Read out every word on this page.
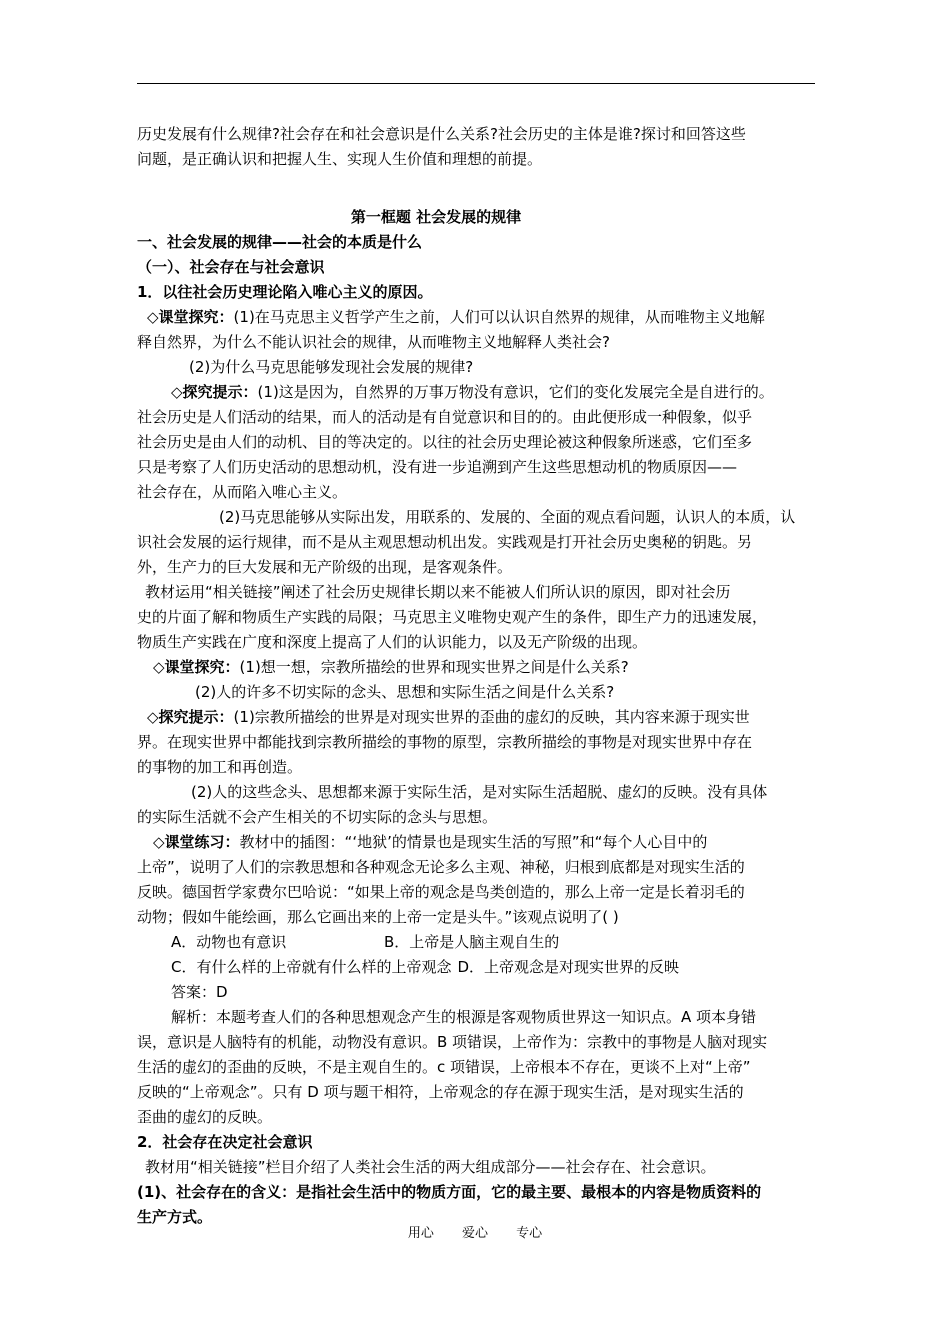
历史发展有什么规律?社会存在和社会意识是什么关系?社会历史的主体是谁?探讨和回答这些
问题，是正确认识和把握人生、实现人生价值和理想的前提。
第一框题 社会发展的规律
一、社会发展的规律——社会的本质是什么
（一）、社会存在与社会意识
1．以往社会历史理论陷入唯心主义的原因。
◇课堂探究：(1)在马克思主义哲学产生之前，人们可以认识自然界的规律，从而唯物主义地解
释自然界，为什么不能认识社会的规律，从而唯物主义地解释人类社会?
(2)为什么马克思能够发现社会发展的规律?
◇探究提示：(1)这是因为，自然界的万事万物没有意识，它们的变化发展完全是自进行的。
社会历史是人们活动的结果，而人的活动是有自觉意识和目的的。由此便形成一种假象，似乎
社会历史是由人们的动机、目的等决定的。以往的社会历史理论被这种假象所迷惑，它们至多
只是考察了人们历史活动的思想动机，没有进一步追溯到产生这些思想动机的物质原因——
社会存在，从而陷入唯心主义。
(2)马克思能够从实际出发，用联系的、发展的、全面的观点看问题，认识人的本质，认
识社会发展的运行规律，而不是从主观思想动机出发。实践观是打开社会历史奥秘的钥匙。另
外，生产力的巨大发展和无产阶级的出现，是客观条件。
教材运用“相关链接”阐述了社会历史规律长期以来不能被人们所认识的原因，即对社会历
史的片面了解和物质生产实践的局限；马克思主义唯物史观产生的条件，即生产力的迅速发展，
物质生产实践在广度和深度上提高了人们的认识能力，以及无产阶级的出现。
◇课堂探究：(1)想一想，宗教所描绘的世界和现实世界之间是什么关系?
(2)人的许多不切实际的念头、思想和实际生活之间是什么关系?
◇探究提示：(1)宗教所描绘的世界是对现实世界的歪曲的虚幻的反映，其内容来源于现实世
界。在现实世界中都能找到宗教所描绘的事物的原型，宗教所描绘的事物是对现实世界中存在
的事物的加工和再创造。
(2)人的这些念头、思想都来源于实际生活，是对实际生活超脱、虚幻的反映。没有具体
的实际生活就不会产生相关的不切实际的念头与思想。
◇课堂练习：教材中的插图：“‘地狱’的情景也是现实生活的写照”和“每个人心目中的
上帝”，说明了人们的宗教思想和各种观念无论多么主观、神秘，归根到底都是对现实生活的
反映。德国哲学家费尔巴哈说：“如果上帝的观念是鸟类创造的，那么上帝一定是长着羽毛的
动物；假如牛能绘画，那么它画出来的上帝一定是头牛。”该观点说明了( )
A．动物也有意识	B．上帝是人脑主观自生的
C．有什么样的上帝就有什么样的上帝观念 D．上帝观念是对现实世界的反映
答案：D
解析：本题考查人们的各种思想观念产生的根源是客观物质世界这一知识点。A 项本身错
误，意识是人脑特有的机能，动物没有意识。B 项错误，上帝作为：宗教中的事物是人脑对现实
生活的虚幻的歪曲的反映，不是主观自生的。c 项错误，上帝根本不存在，更谈不上对“上帝”
反映的“上帝观念”。只有 D 项与题干相符，上帝观念的存在源于现实生活，是对现实生活的
歪曲的虚幻的反映。
2．社会存在决定社会意识
教材用“相关链接”栏目介绍了人类社会生活的两大组成部分——社会存在、社会意识。
(1)、社会存在的含义：是指社会生活中的物质方面，它的最主要、最根本的内容是物质资料的
生产方式。
用心 爱心 专心
